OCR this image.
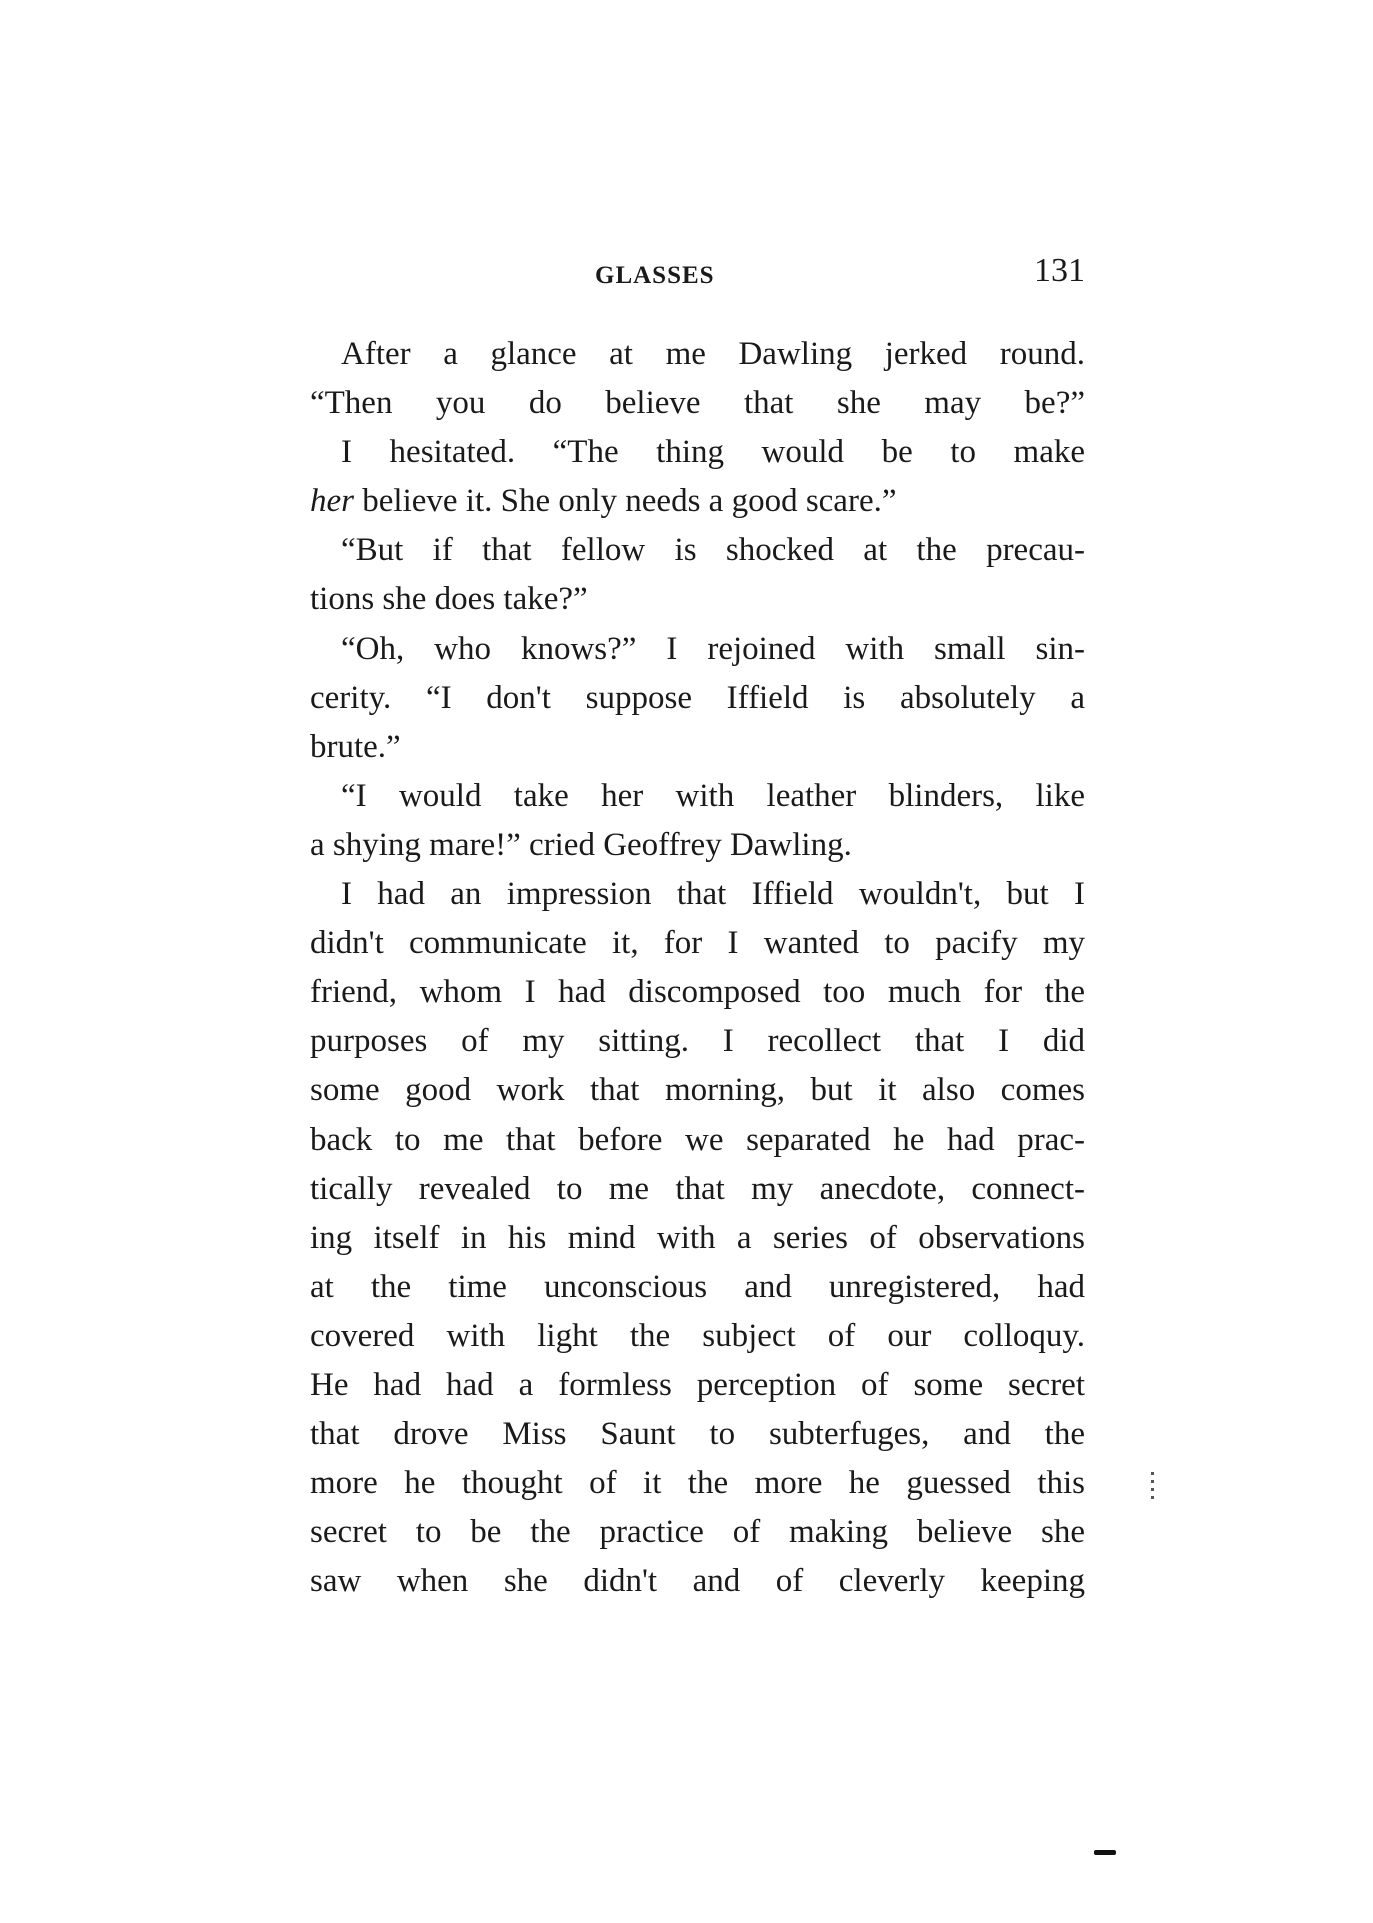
GLASSES	131
After a glance at me Dawling jerked round.
“Then you do believe that she may be?”
I hesitated. “The thing would be to make
her believe it. She only needs a good scare.”
“But if that fellow is shocked at the precau-
tions she does take?”
“Oh, who knows?” I rejoined with small sin-
cerity. “I don't suppose Iffield is absolutely a
brute.”
“I would take her with leather blinders, like
a shying mare!” cried Geoffrey Dawling.
I had an impression that Iffield wouldn't, but I
didn't communicate it, for I wanted to pacify my
friend, whom I had discomposed too much for the
purposes of my sitting. I recollect that I did
some good work that morning, but it also comes
back to me that before we separated he had prac-
tically revealed to me that my anecdote, connect-
ing itself in his mind with a series of observations
at the time unconscious and unregistered, had
covered with light the subject of our colloquy.
He had had a formless perception of some secret
that drove Miss Saunt to subterfuges, and the
more he thought of it the more he guessed this
secret to be the practice of making believe she
saw when she didn't and of cleverly keeping
